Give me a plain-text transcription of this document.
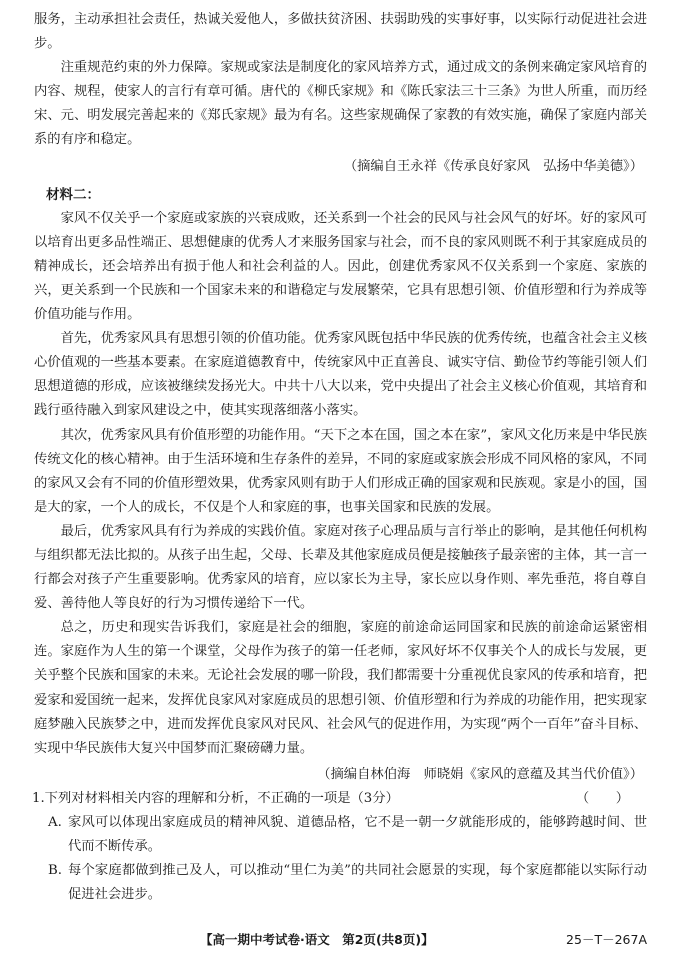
服务，主动承担社会责任，热诚关爱他人，多做扶贫济困、扶弱助残的实事好事，以实际行动促进社会进步。

注重规范约束的外力保障。家规或家法是制度化的家风培养方式，通过成文的条例来确定家风培育的内容、规程，使家人的言行有章可循。唐代的《柳氏家规》和《陈氏家法三十三条》为世人所重，而历经宋、元、明发展完善起来的《郑氏家规》最为有名。这些家规确保了家教的有效实施，确保了家庭内部关系的有序和稳定。

（摘编自王永祥《传承良好家风　弘扬中华美德》）

材料二：

家风不仅关乎一个家庭或家族的兴衰成败，还关系到一个社会的民风与社会风气的好坏。好的家风可以培育出更多品性端正、思想健康的优秀人才来服务国家与社会，而不良的家风则既不利于其家庭成员的精神成长，还会培养出有损于他人和社会利益的人。因此，创建优秀家风不仅关系到一个家庭、家族的兴，更关系到一个民族和一个国家未来的和谐稳定与发展繁荣，它具有思想引领、价值形塑和行为养成等价值功能与作用。

首先，优秀家风具有思想引领的价值功能。优秀家风既包括中华民族的优秀传统，也蕴含社会主义核心价值观的一些基本要素。在家庭道德教育中，传统家风中正直善良、诚实守信、勤俭节约等能引领人们思想道德的形成，应该被继续发扬光大。中共十八大以来，党中央提出了社会主义核心价值观，其培育和践行亟待融入到家风建设之中，使其实现落细落小落实。

其次，优秀家风具有价值形塑的功能作用。“天下之本在国，国之本在家”，家风文化历来是中华民族传统文化的核心精神。由于生活环境和生存条件的差异，不同的家庭或家族会形成不同风格的家风，不同的家风又会有不同的价值形塑效果，优秀家风则有助于人们形成正确的国家观和民族观。家是小的国，国是大的家，一个人的成长，不仅是个人和家庭的事，也事关国家和民族的发展。

最后，优秀家风具有行为养成的实践价值。家庭对孩子心理品质与言行举止的影响，是其他任何机构与组织都无法比拟的。从孩子出生起，父母、长辈及其他家庭成员便是接触孩子最亲密的主体，其一言一行都会对孩子产生重要影响。优秀家风的培育，应以家长为主导，家长应以身作则、率先垂范，将自尊自爱、善待他人等良好的行为习惯传递给下一代。

总之，历史和现实告诉我们，家庭是社会的细胞，家庭的前途命运同国家和民族的前途命运紧密相连。家庭作为人生的第一个课堂，父母作为孩子的第一任老师，家风好坏不仅事关个人的成长与发展，更关乎整个民族和国家的未来。无论社会发展的哪一阶段，我们都需要十分重视优良家风的传承和培育，把爱家和爱国统一起来，发挥优良家风对家庭成员的思想引领、价值形塑和行为养成的功能作用，把实现家庭梦融入民族梦之中，进而发挥优良家风对民风、社会风气的促进作用，为实现“两个一百年”奋斗目标、实现中华民族伟大复兴中国梦而汇聚磅礴力量。

（摘编自林伯海　师晓娟《家风的意蕴及其当代价值》）

1.下列对材料相关内容的理解和分析，不正确的一项是（3分）	（　　）
A. 家风可以体现出家庭成员的精神风貌、道德品格，它不是一朝一夕就能形成的，能够跨越时间、世代而不断传承。
B. 每个家庭都做到推己及人，可以推动“里仁为美”的共同社会愿景的实现，每个家庭都能以实际行动促进社会进步。
【高一期中考试卷·语文　第2页(共8页)】	25－T－267A
